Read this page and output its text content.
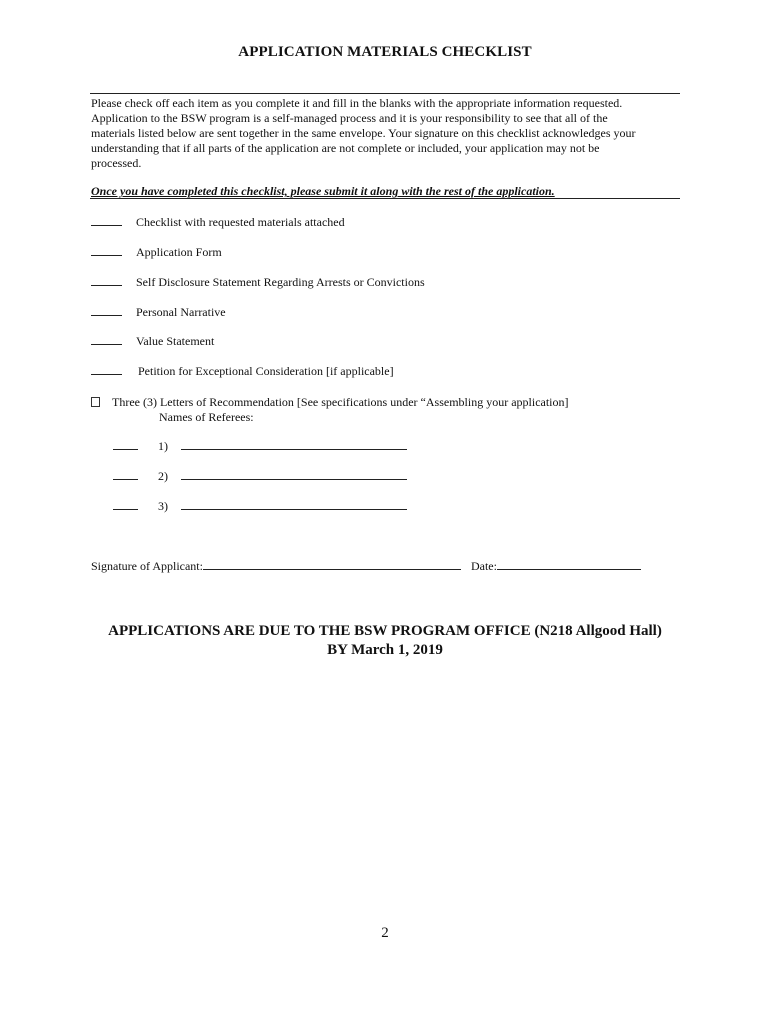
APPLICATION MATERIALS CHECKLIST
Please check off each item as you complete it and fill in the blanks with the appropriate information requested.
Application to the BSW program is a self-managed process and it is your responsibility to see that all of the
materials listed below are sent together in the same envelope. Your signature on this checklist acknowledges your
understanding that if all parts of the application are not complete or included, your application may not be
processed.
Once you have completed this checklist, please submit it along with the rest of the application.
Checklist with requested materials attached
Application Form
Self Disclosure Statement Regarding Arrests or Convictions
Personal Narrative
Value Statement
Petition for Exceptional Consideration [if applicable]
Three (3) Letters of Recommendation [See specifications under “Assembling your application]
Names of Referees:
1)
2)
3)
Signature of Applicant:	Date:
APPLICATIONS ARE DUE TO THE BSW PROGRAM OFFICE (N218 Allgood Hall)
BY March 1, 2019
2
